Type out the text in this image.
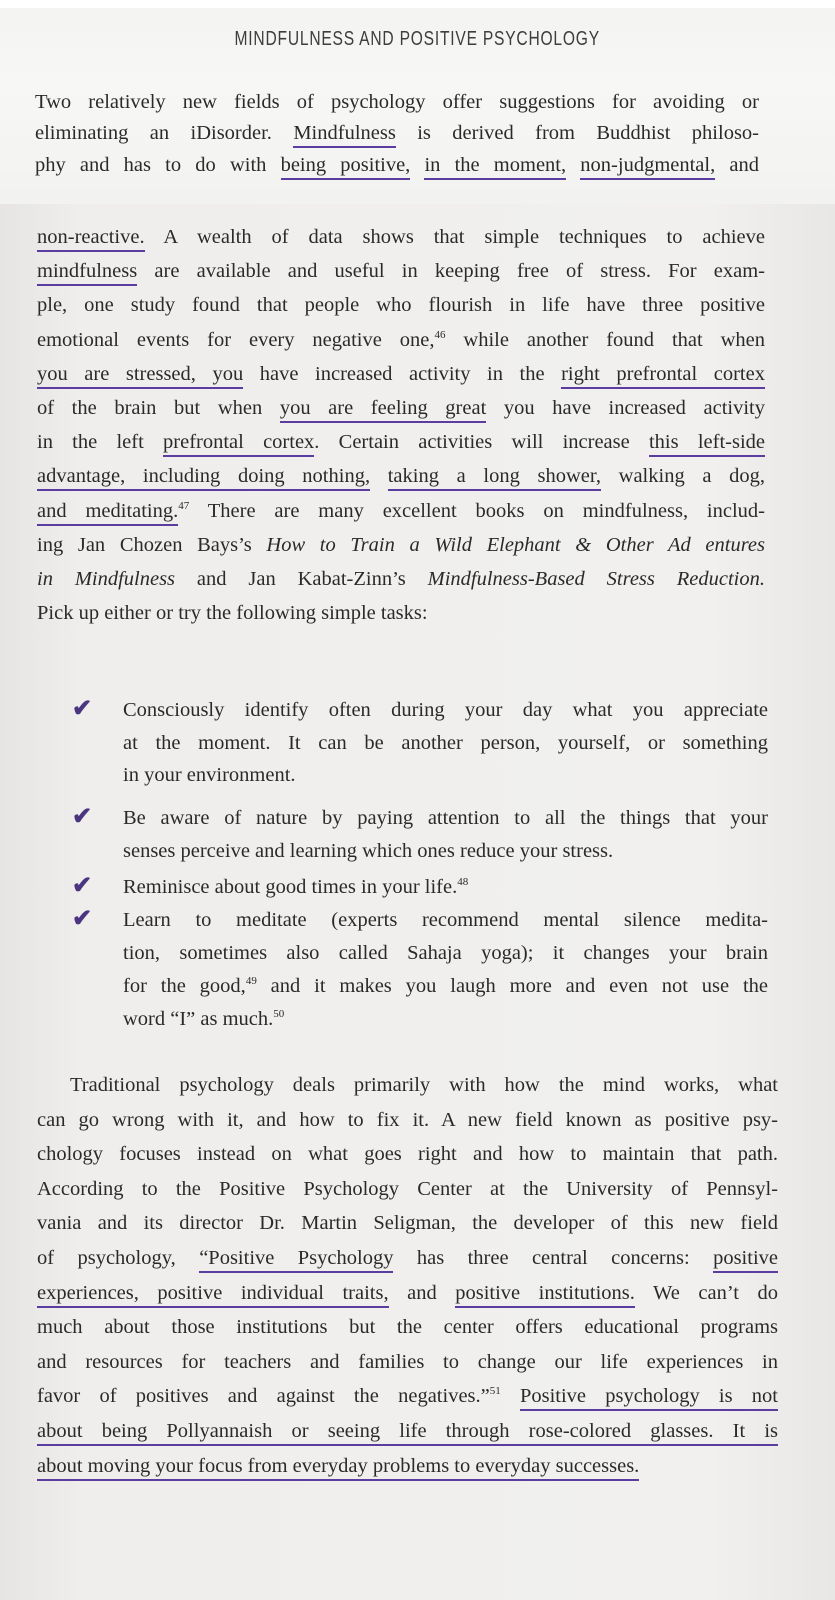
MINDFULNESS AND POSITIVE PSYCHOLOGY
Two relatively new fields of psychology offer suggestions for avoiding or
eliminating an iDisorder. Mindfulness is derived from Buddhist philoso-
phy and has to do with being positive, in the moment, non-judgmental, and
non-reactive. A wealth of data shows that simple techniques to achieve
mindfulness are available and useful in keeping free of stress. For exam-
ple, one study found that people who flourish in life have three positive
emotional events for every negative one,$^{46}$ while another found that when
you are stressed, you have increased activity in the right prefrontal cortex
of the brain but when you are feeling great you have increased activity
in the left prefrontal cortex. Certain activities will increase this left-side
advantage, including doing nothing, taking a long shower, walking a dog,
and meditating.$^{47}$ There are many excellent books on mindfulness, includ-
ing Jan Chozen Bays’s How to Train a Wild Elephant & Other Ad entures
in Mindfulness and Jan Kabat-Zinn’s Mindfulness-Based Stress Reduction.
Pick up either or try the following simple tasks:
✔ Consciously identify often during your day what you appreciate
at the moment. It can be another person, yourself, or something
in your environment.
✔ Be aware of nature by paying attention to all the things that your
senses perceive and learning which ones reduce your stress.
✔ Reminisce about good times in your life.$^{48}$
✔ Learn to meditate (experts recommend mental silence medita-
tion, sometimes also called Sahaja yoga); it changes your brain
for the good,$^{49}$ and it makes you laugh more and even not use the
word “I” as much.$^{50}$
Traditional psychology deals primarily with how the mind works, what
can go wrong with it, and how to fix it. A new field known as positive psy-
chology focuses instead on what goes right and how to maintain that path.
According to the Positive Psychology Center at the University of Pennsyl-
vania and its director Dr. Martin Seligman, the developer of this new field
of psychology, “Positive Psychology has three central concerns: positive
experiences, positive individual traits, and positive institutions. We can’t do
much about those institutions but the center offers educational programs
and resources for teachers and families to change our life experiences in
favor of positives and against the negatives.”$^{51}$ Positive psychology is not
about being Pollyannaish or seeing life through rose-colored glasses. It is
about moving your focus from everyday problems to everyday successes.
